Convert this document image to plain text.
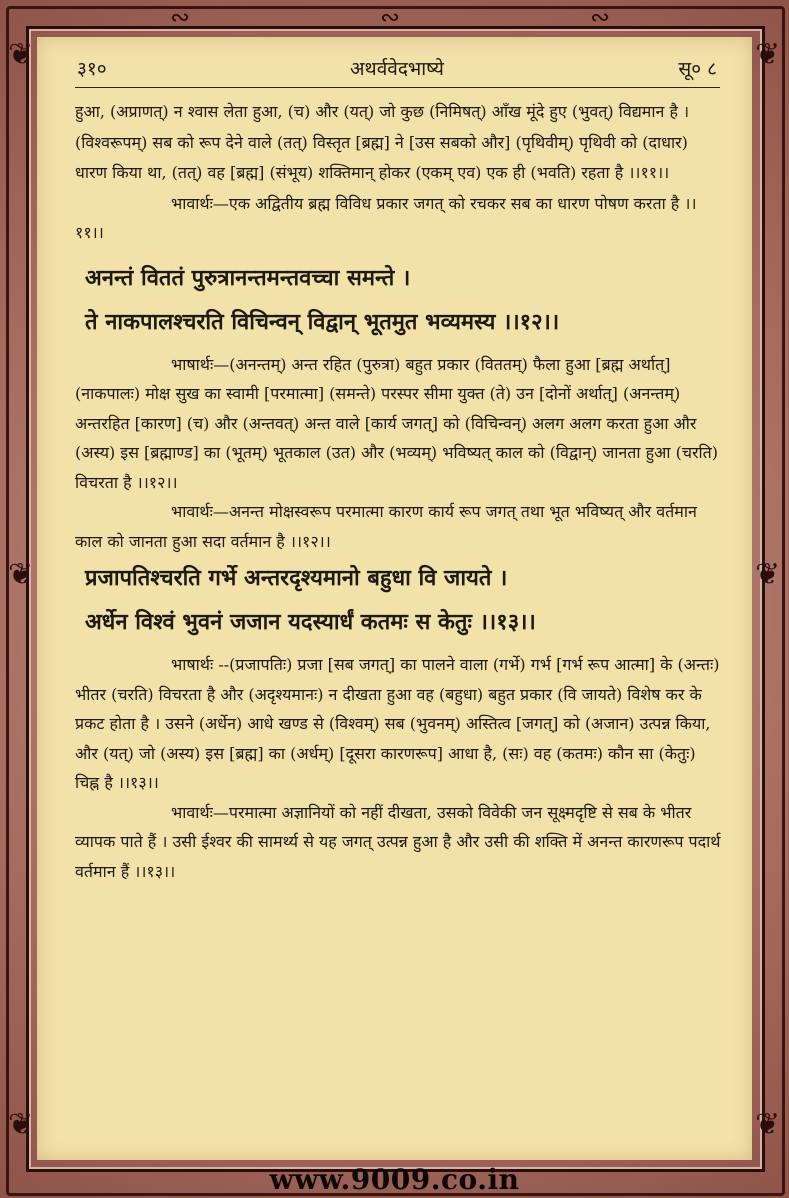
❦
❦
❦
❦
❦
❦
∾	∾	∾
३१०	अथर्ववेदभाष्ये	सू० ८

हुआ, (अप्राणत्) न श्वास लेता हुआ, (च) और (यत्) जो कुछ (निमिषत्) आँख मूंदे हुए (भुवत्) विद्यमान है । (विश्वरूपम्) सब को रूप देने वाले (तत्) विस्तृत [ब्रह्म] ने [उस सबको और] (पृथिवीम्) पृथिवी को (दाधार) धारण किया था, (तत्) वह [ब्रह्म] (संभूय) शक्तिमान् होकर (एकम् एव) एक ही (भवति) रहता है ।।११।।

भावार्थः—एक अद्वितीय ब्रह्म विविध प्रकार जगत् को रचकर सब का धारण पोषण करता है ।।११।।

अनन्तं विततं पुरुत्रानन्तमन्तवच्चा समन्ते ।

ते नाकपालश्चरति विचिन्वन् विद्वान् भूतमुत भव्यमस्य ।।१२।।

भाषार्थः—(अनन्तम्) अन्त रहित (पुरुत्रा) बहुत प्रकार (विततम्) फैला हुआ [ब्रह्म अर्थात्] (नाकपालः) मोक्ष सुख का स्वामी [परमात्मा] (समन्ते) परस्पर सीमा युक्त (ते) उन [दोनों अर्थात्] (अनन्तम्) अन्तरहित [कारण] (च) और (अन्तवत्) अन्त वाले [कार्य जगत्] को (विचिन्वन्) अलग अलग करता हुआ और (अस्य) इस [ब्रह्माण्ड] का (भूतम्) भूतकाल (उत) और (भव्यम्) भविष्यत् काल को (विद्वान्) जानता हुआ (चरति) विचरता है ।।१२।।

भावार्थः—अनन्त मोक्षस्वरूप परमात्मा कारण कार्य रूप जगत् तथा भूत भविष्यत् और वर्तमान काल को जानता हुआ सदा वर्तमान है ।।१२।।

प्रजापतिश्चरति गर्भे अन्तरदृश्यमानो बहुधा वि जायते ।

अर्धेन विश्वं भुवनं जजान यदस्यार्धं कतमः स केतुः ।।१३।।

भाषार्थः --(प्रजापतिः) प्रजा [सब जगत्] का पालने वाला (गर्भे) गर्भ [गर्भ रूप आत्मा] के (अन्तः) भीतर (चरति) विचरता है और (अदृश्यमानः) न दीखता हुआ वह (बहुधा) बहुत प्रकार (वि जायते) विशेष कर के प्रकट होता है । उसने (अर्धेन) आधे खण्ड से (विश्वम्) सब (भुवनम्) अस्तित्व [जगत्] को (अजान) उत्पन्न किया, और (यत्) जो (अस्य) इस [ब्रह्म] का (अर्धम्) [दूसरा कारणरूप] आधा है, (सः) वह (कतमः) कौन सा (केतुः) चिह्न है ।।१३।।

भावार्थः—परमात्मा अज्ञानियों को नहीं दीखता, उसको विवेकी जन सूक्ष्मदृष्टि से सब के भीतर व्यापक पाते हैं । उसी ईश्वर की सामर्थ्य से यह जगत् उत्पन्न हुआ है और उसी की शक्ति में अनन्त कारणरूप पदार्थ वर्तमान हैं ।।१३।।

www.9009.co.in
